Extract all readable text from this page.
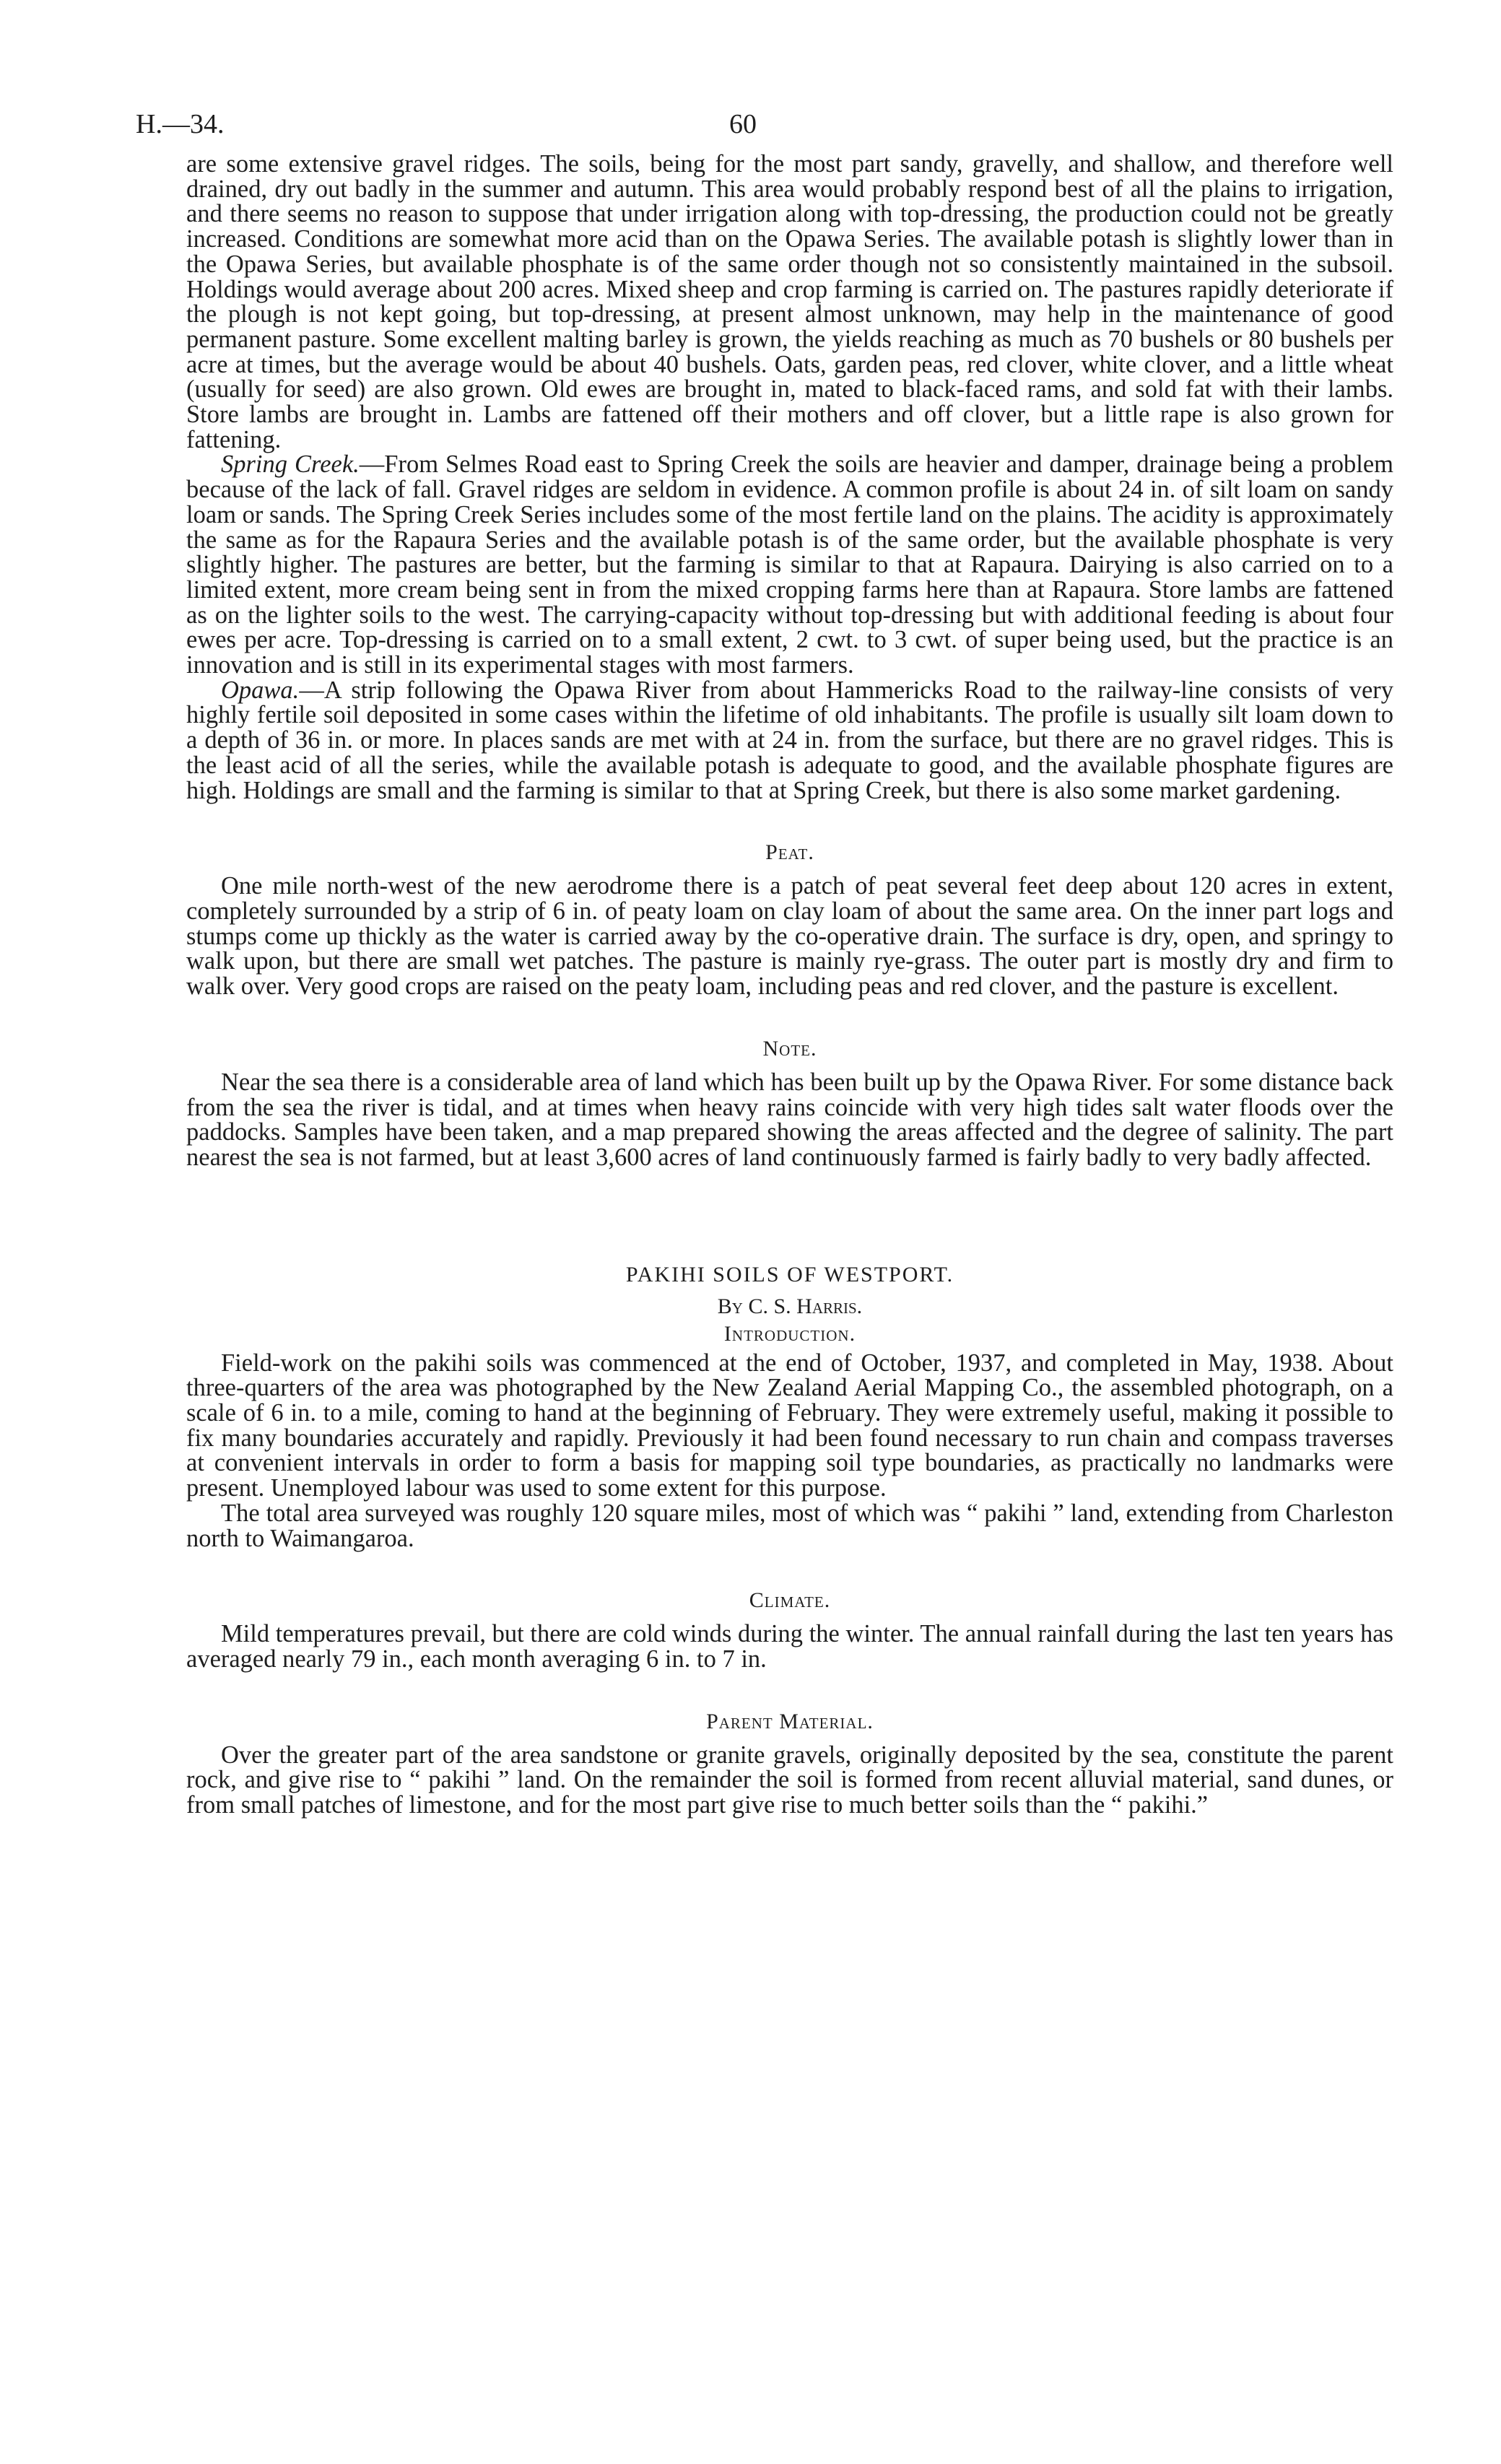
H.—34.	60

are some extensive gravel ridges. The soils, being for the most part sandy, gravelly, and shallow, and therefore well drained, dry out badly in the summer and autumn. This area would probably respond best of all the plains to irrigation, and there seems no reason to suppose that under irrigation along with top-dressing, the production could not be greatly increased. Conditions are somewhat more acid than on the Opawa Series. The available potash is slightly lower than in the Opawa Series, but available phosphate is of the same order though not so consistently maintained in the subsoil. Holdings would average about 200 acres. Mixed sheep and crop farming is carried on. The pastures rapidly deteriorate if the plough is not kept going, but top-dressing, at present almost unknown, may help in the maintenance of good permanent pasture. Some excellent malting barley is grown, the yields reaching as much as 70 bushels or 80 bushels per acre at times, but the average would be about 40 bushels. Oats, garden peas, red clover, white clover, and a little wheat (usually for seed) are also grown. Old ewes are brought in, mated to black-faced rams, and sold fat with their lambs. Store lambs are brought in. Lambs are fattened off their mothers and off clover, but a little rape is also grown for fattening.

Spring Creek.—From Selmes Road east to Spring Creek the soils are heavier and damper, drainage being a problem because of the lack of fall. Gravel ridges are seldom in evidence. A common profile is about 24 in. of silt loam on sandy loam or sands. The Spring Creek Series includes some of the most fertile land on the plains. The acidity is approximately the same as for the Rapaura Series and the available potash is of the same order, but the available phosphate is very slightly higher. The pastures are better, but the farming is similar to that at Rapaura. Dairying is also carried on to a limited extent, more cream being sent in from the mixed cropping farms here than at Rapaura. Store lambs are fattened as on the lighter soils to the west. The carrying-capacity without top-dressing but with additional feeding is about four ewes per acre. Top-dressing is carried on to a small extent, 2 cwt. to 3 cwt. of super being used, but the practice is an innovation and is still in its experimental stages with most farmers.

Opawa.—A strip following the Opawa River from about Hammericks Road to the railway-line consists of very highly fertile soil deposited in some cases within the lifetime of old inhabitants. The profile is usually silt loam down to a depth of 36 in. or more. In places sands are met with at 24 in. from the surface, but there are no gravel ridges. This is the least acid of all the series, while the available potash is adequate to good, and the available phosphate figures are high. Holdings are small and the farming is similar to that at Spring Creek, but there is also some market gardening.

Peat.

One mile north-west of the new aerodrome there is a patch of peat several feet deep about 120 acres in extent, completely surrounded by a strip of 6 in. of peaty loam on clay loam of about the same area. On the inner part logs and stumps come up thickly as the water is carried away by the co-operative drain. The surface is dry, open, and springy to walk upon, but there are small wet patches. The pasture is mainly rye-grass. The outer part is mostly dry and firm to walk over. Very good crops are raised on the peaty loam, including peas and red clover, and the pasture is excellent.

Note.

Near the sea there is a considerable area of land which has been built up by the Opawa River. For some distance back from the sea the river is tidal, and at times when heavy rains coincide with very high tides salt water floods over the paddocks. Samples have been taken, and a map prepared showing the areas affected and the degree of salinity. The part nearest the sea is not farmed, but at least 3,600 acres of land continuously farmed is fairly badly to very badly affected.

PAKIHI SOILS OF WESTPORT.
By C. S. Harris.
Introduction.

Field-work on the pakihi soils was commenced at the end of October, 1937, and completed in May, 1938. About three-quarters of the area was photographed by the New Zealand Aerial Mapping Co., the assembled photograph, on a scale of 6 in. to a mile, coming to hand at the beginning of February. They were extremely useful, making it possible to fix many boundaries accurately and rapidly. Previously it had been found necessary to run chain and compass traverses at convenient intervals in order to form a basis for mapping soil type boundaries, as practically no landmarks were present. Unemployed labour was used to some extent for this purpose.

The total area surveyed was roughly 120 square miles, most of which was “ pakihi ” land, extending from Charleston north to Waimangaroa.

Climate.

Mild temperatures prevail, but there are cold winds during the winter. The annual rainfall during the last ten years has averaged nearly 79 in., each month averaging 6 in. to 7 in.

Parent Material.

Over the greater part of the area sandstone or granite gravels, originally deposited by the sea, constitute the parent rock, and give rise to “ pakihi ” land. On the remainder the soil is formed from recent alluvial material, sand dunes, or from small patches of limestone, and for the most part give rise to much better soils than the “ pakihi.”
